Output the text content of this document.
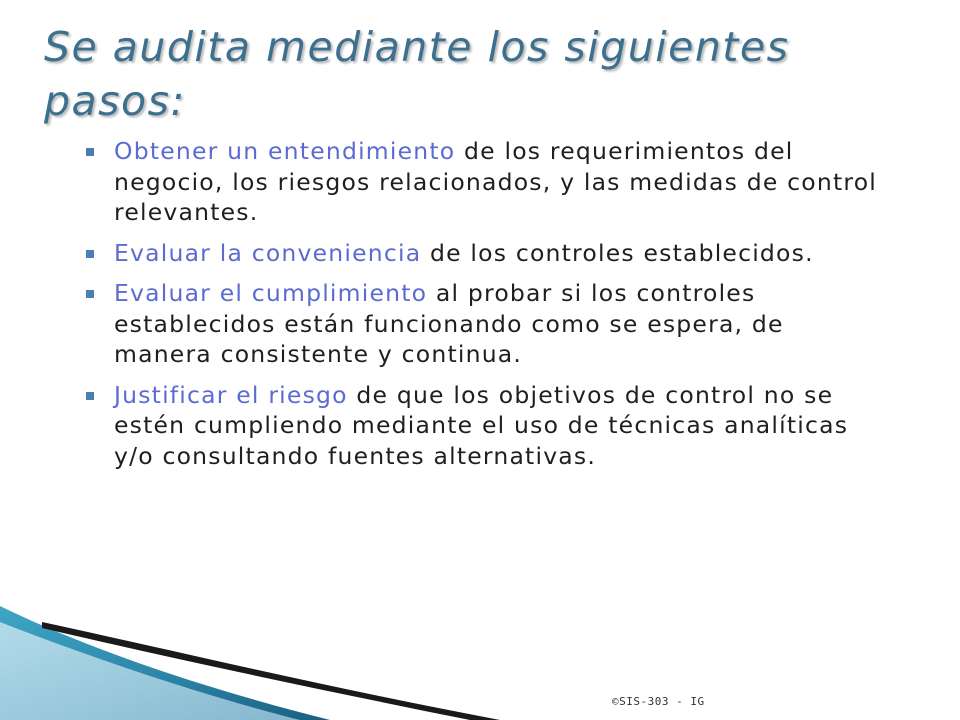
Se audita mediante los siguientes pasos:
Obtener un entendimiento de los requerimientos del negocio, los riesgos relacionados, y las medidas de control relevantes.
Evaluar la conveniencia de los controles establecidos.
Evaluar el cumplimiento al probar si los controles establecidos están funcionando como se espera, de manera consistente y continua.
Justificar el riesgo de que los objetivos de control no se estén cumpliendo mediante el uso de técnicas analíticas y/o consultando fuentes alternativas.
©SIS-303 - IG
